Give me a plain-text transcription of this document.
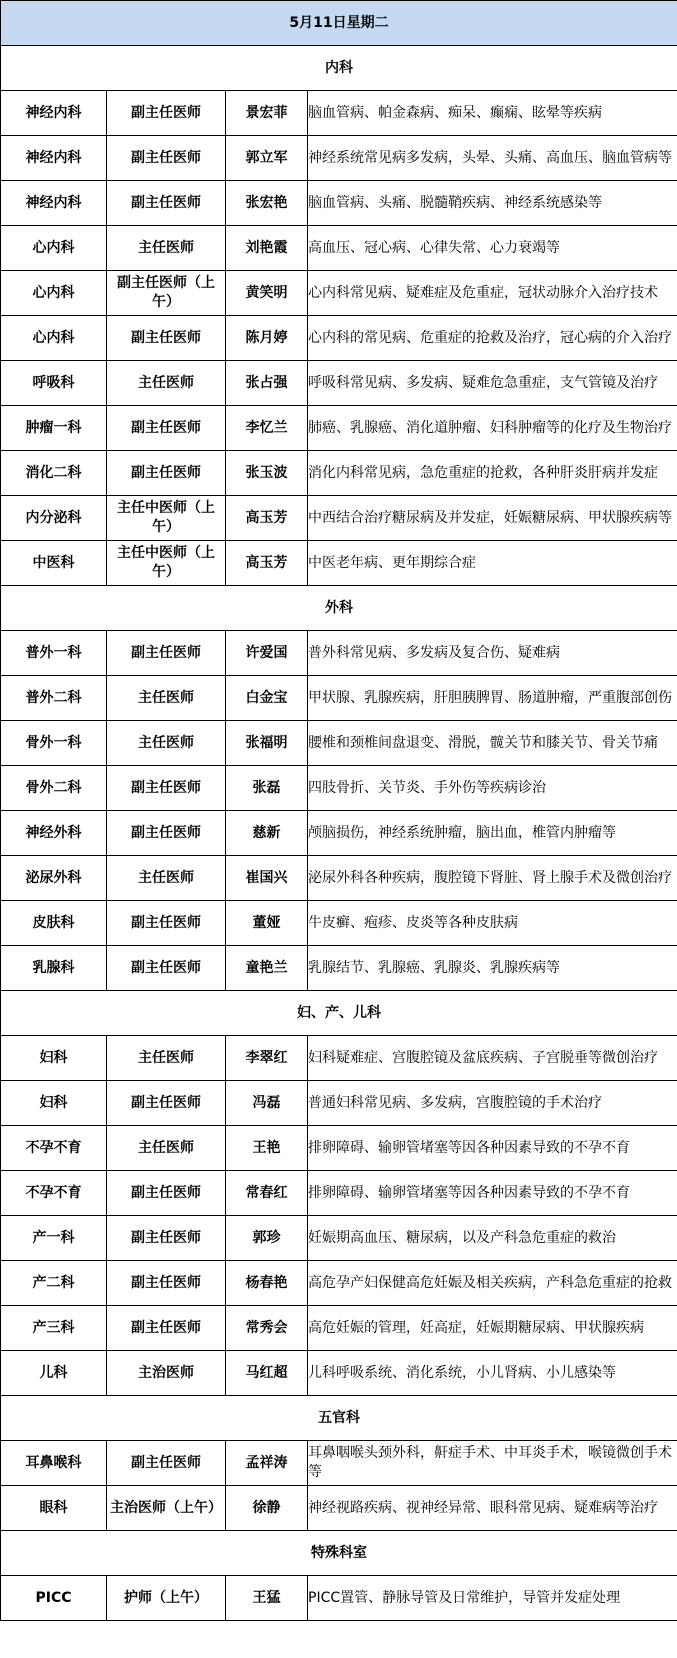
5月11日星期二			
内科			
神经内科	副主任医师	景宏菲	脑血管病、帕金森病、痴呆、癫痫、眩晕等疾病
神经内科	副主任医师	郭立军	神经系统常见病多发病，头晕、头痛、高血压、脑血管病等
神经内科	副主任医师	张宏艳	脑血管病、头痛、脱髓鞘疾病、神经系统感染等
心内科	主任医师	刘艳霞	高血压、冠心病、心律失常、心力衰竭等
心内科	副主任医师（上午）	黄笑明	心内科常见病、疑难症及危重症，冠状动脉介入治疗技术
心内科	副主任医师	陈月婷	心内科的常见病、危重症的抢救及治疗，冠心病的介入治疗
呼吸科	主任医师	张占强	呼吸科常见病、多发病、疑难危急重症，支气管镜及治疗
肿瘤一科	副主任医师	李忆兰	肺癌、乳腺癌、消化道肿瘤、妇科肿瘤等的化疗及生物治疗
消化二科	副主任医师	张玉波	消化内科常见病，急危重症的抢救，各种肝炎肝病并发症
内分泌科	主任中医师（上午）	高玉芳	中西结合治疗糖尿病及并发症，妊娠糖尿病、甲状腺疾病等
中医科	主任中医师（上午）	高玉芳	中医老年病、更年期综合症
外科			
普外一科	副主任医师	许爱国	普外科常见病、多发病及复合伤、疑难病
普外二科	主任医师	白金宝	甲状腺、乳腺疾病，肝胆胰脾胃、肠道肿瘤，严重腹部创伤
骨外一科	主任医师	张福明	腰椎和颈椎间盘退变、滑脱，髋关节和膝关节、骨关节痛
骨外二科	副主任医师	张磊	四肢骨折、关节炎、手外伤等疾病诊治
神经外科	副主任医师	慈新	颅脑损伤，神经系统肿瘤，脑出血，椎管内肿瘤等
泌尿外科	主任医师	崔国兴	泌尿外科各种疾病，腹腔镜下肾脏、肾上腺手术及微创治疗
皮肤科	副主任医师	董娅	牛皮癣、疱疹、皮炎等各种皮肤病
乳腺科	副主任医师	童艳兰	乳腺结节、乳腺癌、乳腺炎、乳腺疾病等
妇、产、儿科			
妇科	主任医师	李翠红	妇科疑难症、宫腹腔镜及盆底疾病、子宫脱垂等微创治疗
妇科	副主任医师	冯磊	普通妇科常见病、多发病，宫腹腔镜的手术治疗
不孕不育	主任医师	王艳	排卵障碍、输卵管堵塞等因各种因素导致的不孕不育
不孕不育	副主任医师	常春红	排卵障碍、输卵管堵塞等因各种因素导致的不孕不育
产一科	副主任医师	郭珍	妊娠期高血压、糖尿病，以及产科急危重症的救治
产二科	副主任医师	杨春艳	高危孕产妇保健高危妊娠及相关疾病，产科急危重症的抢救
产三科	副主任医师	常秀会	高危妊娠的管理，妊高症，妊娠期糖尿病、甲状腺疾病
儿科	主治医师	马红超	儿科呼吸系统、消化系统，小儿肾病、小儿感染等
五官科			
耳鼻喉科	副主任医师	孟祥涛	耳鼻咽喉头颈外科，鼾症手术、中耳炎手术，喉镜微创手术等
眼科	主治医师（上午）	徐静	神经视路疾病、视神经异常、眼科常见病、疑难病等治疗
特殊科室			
PICC	护师（上午）	王猛	PICC置管、静脉导管及日常维护，导管并发症处理
